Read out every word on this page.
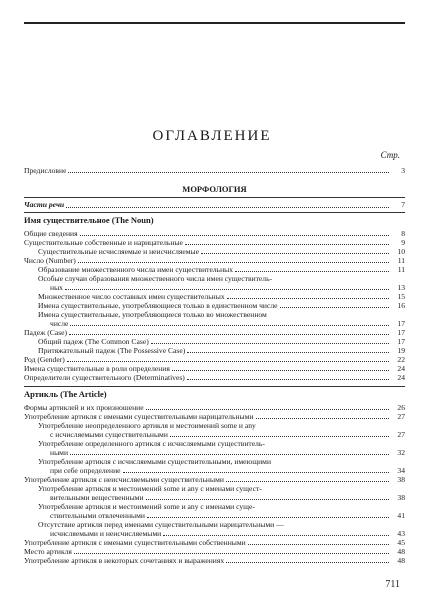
ОГЛАВЛЕНИЕ
Стр.
Предисловие	3
МОРФОЛОГИЯ
Части речи	7
Имя существительное (The Noun)
Общие сведения	8
Существительные собственные и нарицательные	9
Существительные исчисляемые и неисчисляемые	10
Число (Number)	11
Образование множественного числа имен существительных	11
Особые случаи образования множественного числа имен существитель-
ных	13
Множественное число составных имен существительных	15
Имена существительные, употребляющиеся только в единственном числе	16
Имена существительные, употребляющиеся только во множественном
числе	17
Падеж (Case)	17
Общий падеж (The Common Case)	17
Притяжательный падеж (The Possessive Case)	19
Род (Gender)	22
Имена существительные в роли определения	24
Определители существительного (Determinatives)	24
Артикль (The Article)
Формы артиклей и их произношение	26
Употребление артикля с именами существительными нарицательными	27
Употребление неопределенного артикля и местоимений some и any
с исчисляемыми существительными	27
Употребление определенного артикля с исчисляемыми существитель-
ными	32
Употребление артикля с исчисляемыми существительными, имеющими
при себе определение	34
Употребление артикля с неисчисляемыми существительными	38
Употребление артикля и местоимений some и any с именами сущест-
вительными вещественными	38
Употребление артикля и местоимений some и any с именами суще-
ствительными отвлеченными	41
Отсутствие артикля перед именами существительными нарицательными —
исчисляемыми и неисчисляемыми	43
Употребление артикля с именами существительными собственными	45
Место артикля	48
Употребление артикля в некоторых сочетаниях и выражениях	48
711
